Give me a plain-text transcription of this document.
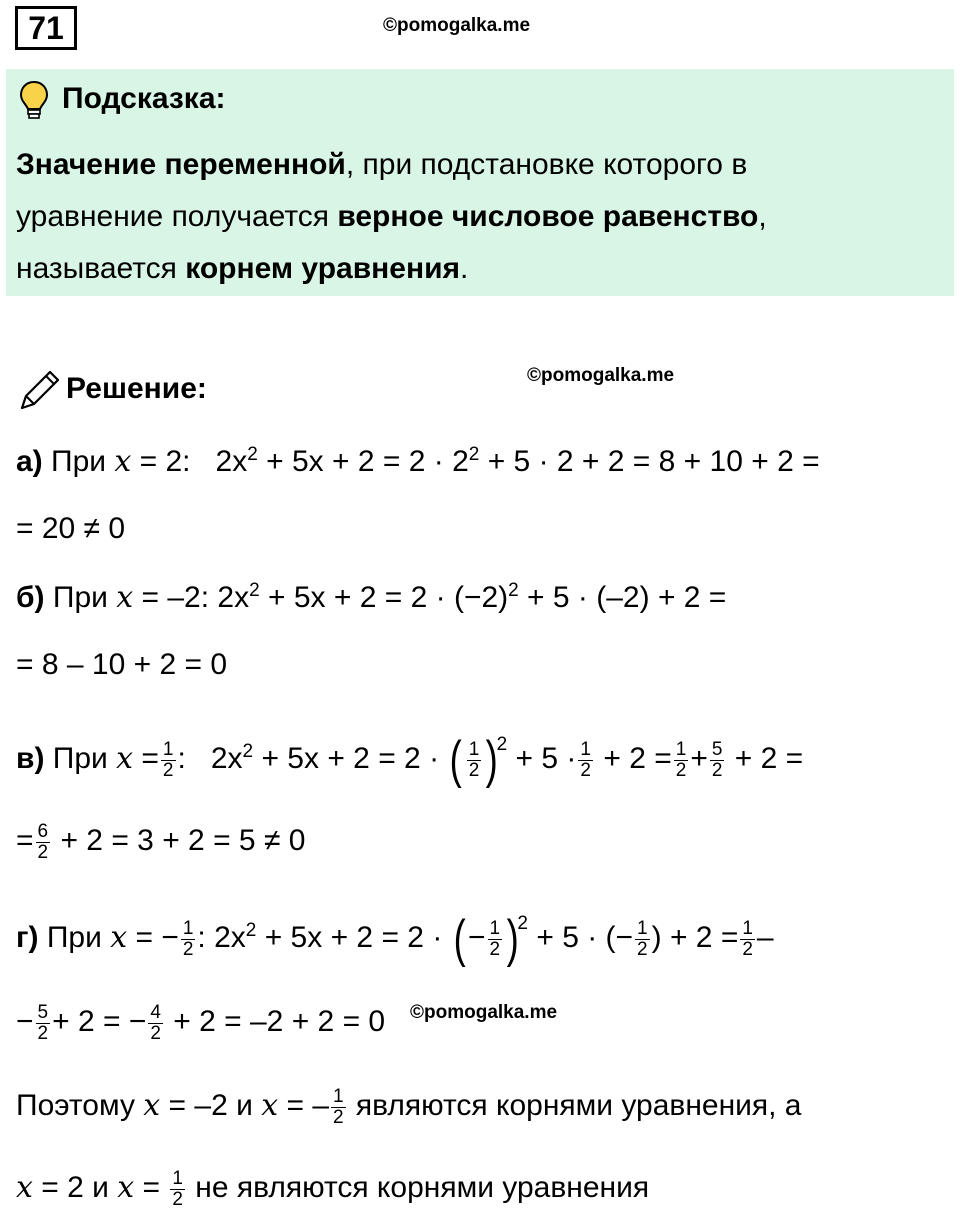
71	©pomogalka.me
Подсказка:
Значение переменной, при подстановке которого в
уравнение получается верное числовое равенство,
называется корнем уравнения.
Решение:	©pomogalka.me
а) При x = 2: $2x^2 + 5x + 2 = 2 \cdot 2^2 + 5 \cdot 2 + 2 = 8 + 10 + 2$ =
= 20 ≠ 0
б) При x = –2: $2x^2 + 5x + 2 = 2 \cdot (-2)^2 + 5 \cdot (-2) + 2$ =
= 8 – 10 + 2 = 0
в) При $x = \frac{1}{2}$ :   $2x^2 + 5x + 2 = 2$ · ( $\frac{1}{2} )2 + 5 \cdot \frac{1}{2} + 2 = \frac{1}{2} + \frac{5}{2} + 2$ =
= $\frac{6}{2} + 2 = 3 + 2 = 5 \ne 0$
г) При x = − $\frac{1}{2}$ : $2x^2 + 5x + 2 = 2$ · (− $\frac{1}{2} )2 + 5$ · (− $\frac{1}{2}$ ) + $2 = \frac{1}{2}$ –
− $\frac{5}{2} + 2$ = − $\frac{4}{2} + 2 = -2 + 2 = 0$ ©pomogalka.me
Поэтому x = –2 и x = – $\frac{1}{2}$ являются корнями уравнения, а
x = 2 и $x = \frac{1}{2}$ не являются корнями уравнения
